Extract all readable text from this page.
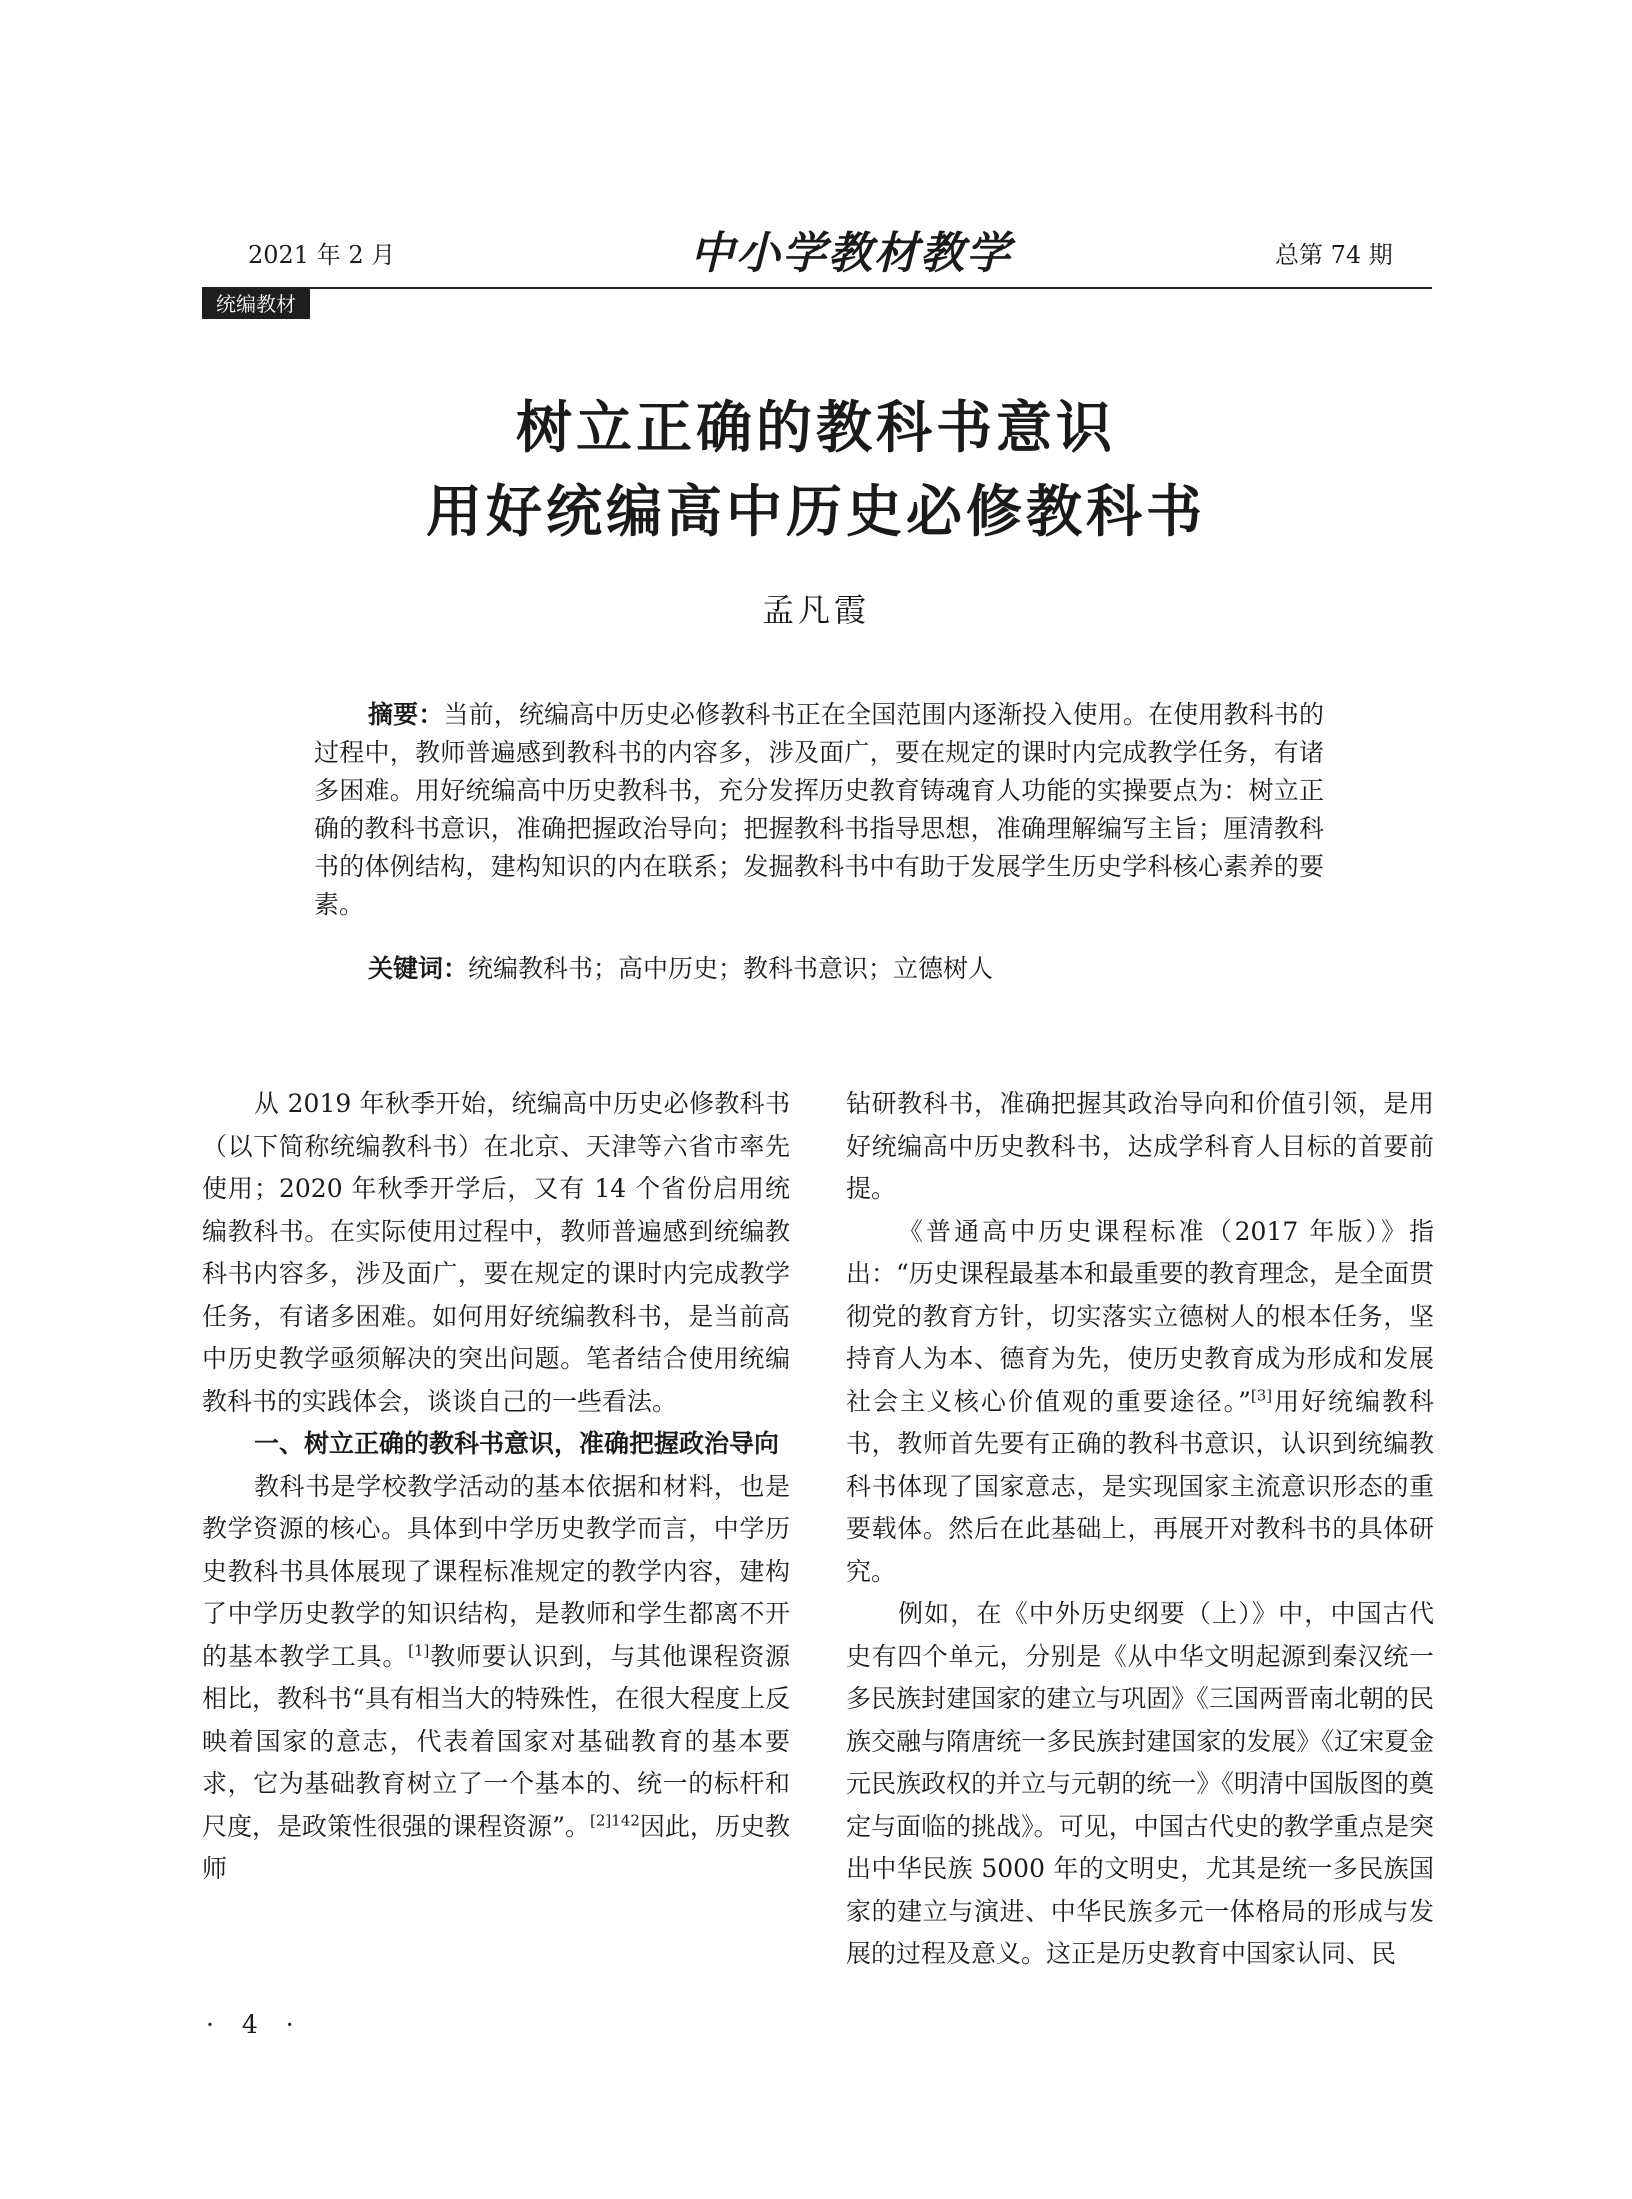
2021 年 2 月	中小学教材教学	总第 74 期
统编教材
树立正确的教科书意识
用好统编高中历史必修教科书
孟凡霞

摘要：当前，统编高中历史必修教科书正在全国范围内逐渐投入使用。在使用教科书的过程中，教师普遍感到教科书的内容多，涉及面广，要在规定的课时内完成教学任务，有诸多困难。用好统编高中历史教科书，充分发挥历史教育铸魂育人功能的实操要点为：树立正确的教科书意识，准确把握政治导向；把握教科书指导思想，准确理解编写主旨；厘清教科书的体例结构，建构知识的内在联系；发掘教科书中有助于发展学生历史学科核心素养的要素。

关键词：统编教科书；高中历史；教科书意识；立德树人

从 2019 年秋季开始，统编高中历史必修教科书（以下简称统编教科书）在北京、天津等六省市率先使用；2020 年秋季开学后，又有 14 个省份启用统编教科书。在实际使用过程中，教师普遍感到统编教科书内容多，涉及面广，要在规定的课时内完成教学任务，有诸多困难。如何用好统编教科书，是当前高中历史教学亟须解决的突出问题。笔者结合使用统编教科书的实践体会，谈谈自己的一些看法。

一、树立正确的教科书意识，准确把握政治导向

教科书是学校教学活动的基本依据和材料，也是教学资源的核心。具体到中学历史教学而言，中学历史教科书具体展现了课程标准规定的教学内容，建构了中学历史教学的知识结构，是教师和学生都离不开的基本教学工具。[1]教师要认识到，与其他课程资源相比，教科书“具有相当大的特殊性，在很大程度上反映着国家的意志，代表着国家对基础教育的基本要求，它为基础教育树立了一个基本的、统一的标杆和尺度，是政策性很强的课程资源”。$^{[2]142}$因此，历史教师

钻研教科书，准确把握其政治导向和价值引领，是用好统编高中历史教科书，达成学科育人目标的首要前提。

《普通高中历史课程标准（2017 年版）》指出：“历史课程最基本和最重要的教育理念，是全面贯彻党的教育方针，切实落实立德树人的根本任务，坚持育人为本、德育为先，使历史教育成为形成和发展社会主义核心价值观的重要途径。”[3]用好统编教科书，教师首先要有正确的教科书意识，认识到统编教科书体现了国家意志，是实现国家主流意识形态的重要载体。然后在此基础上，再展开对教科书的具体研究。

例如，在《中外历史纲要（上）》中，中国古代史有四个单元，分别是《从中华文明起源到秦汉统一多民族封建国家的建立与巩固》《三国两晋南北朝的民族交融与隋唐统一多民族封建国家的发展》《辽宋夏金元民族政权的并立与元朝的统一》《明清中国版图的奠定与面临的挑战》。可见，中国古代史的教学重点是突出中华民族 5000 年的文明史，尤其是统一多民族国家的建立与演进、中华民族多元一体格局的形成与发展的过程及意义。这正是历史教育中国家认同、民

· 4 ·
